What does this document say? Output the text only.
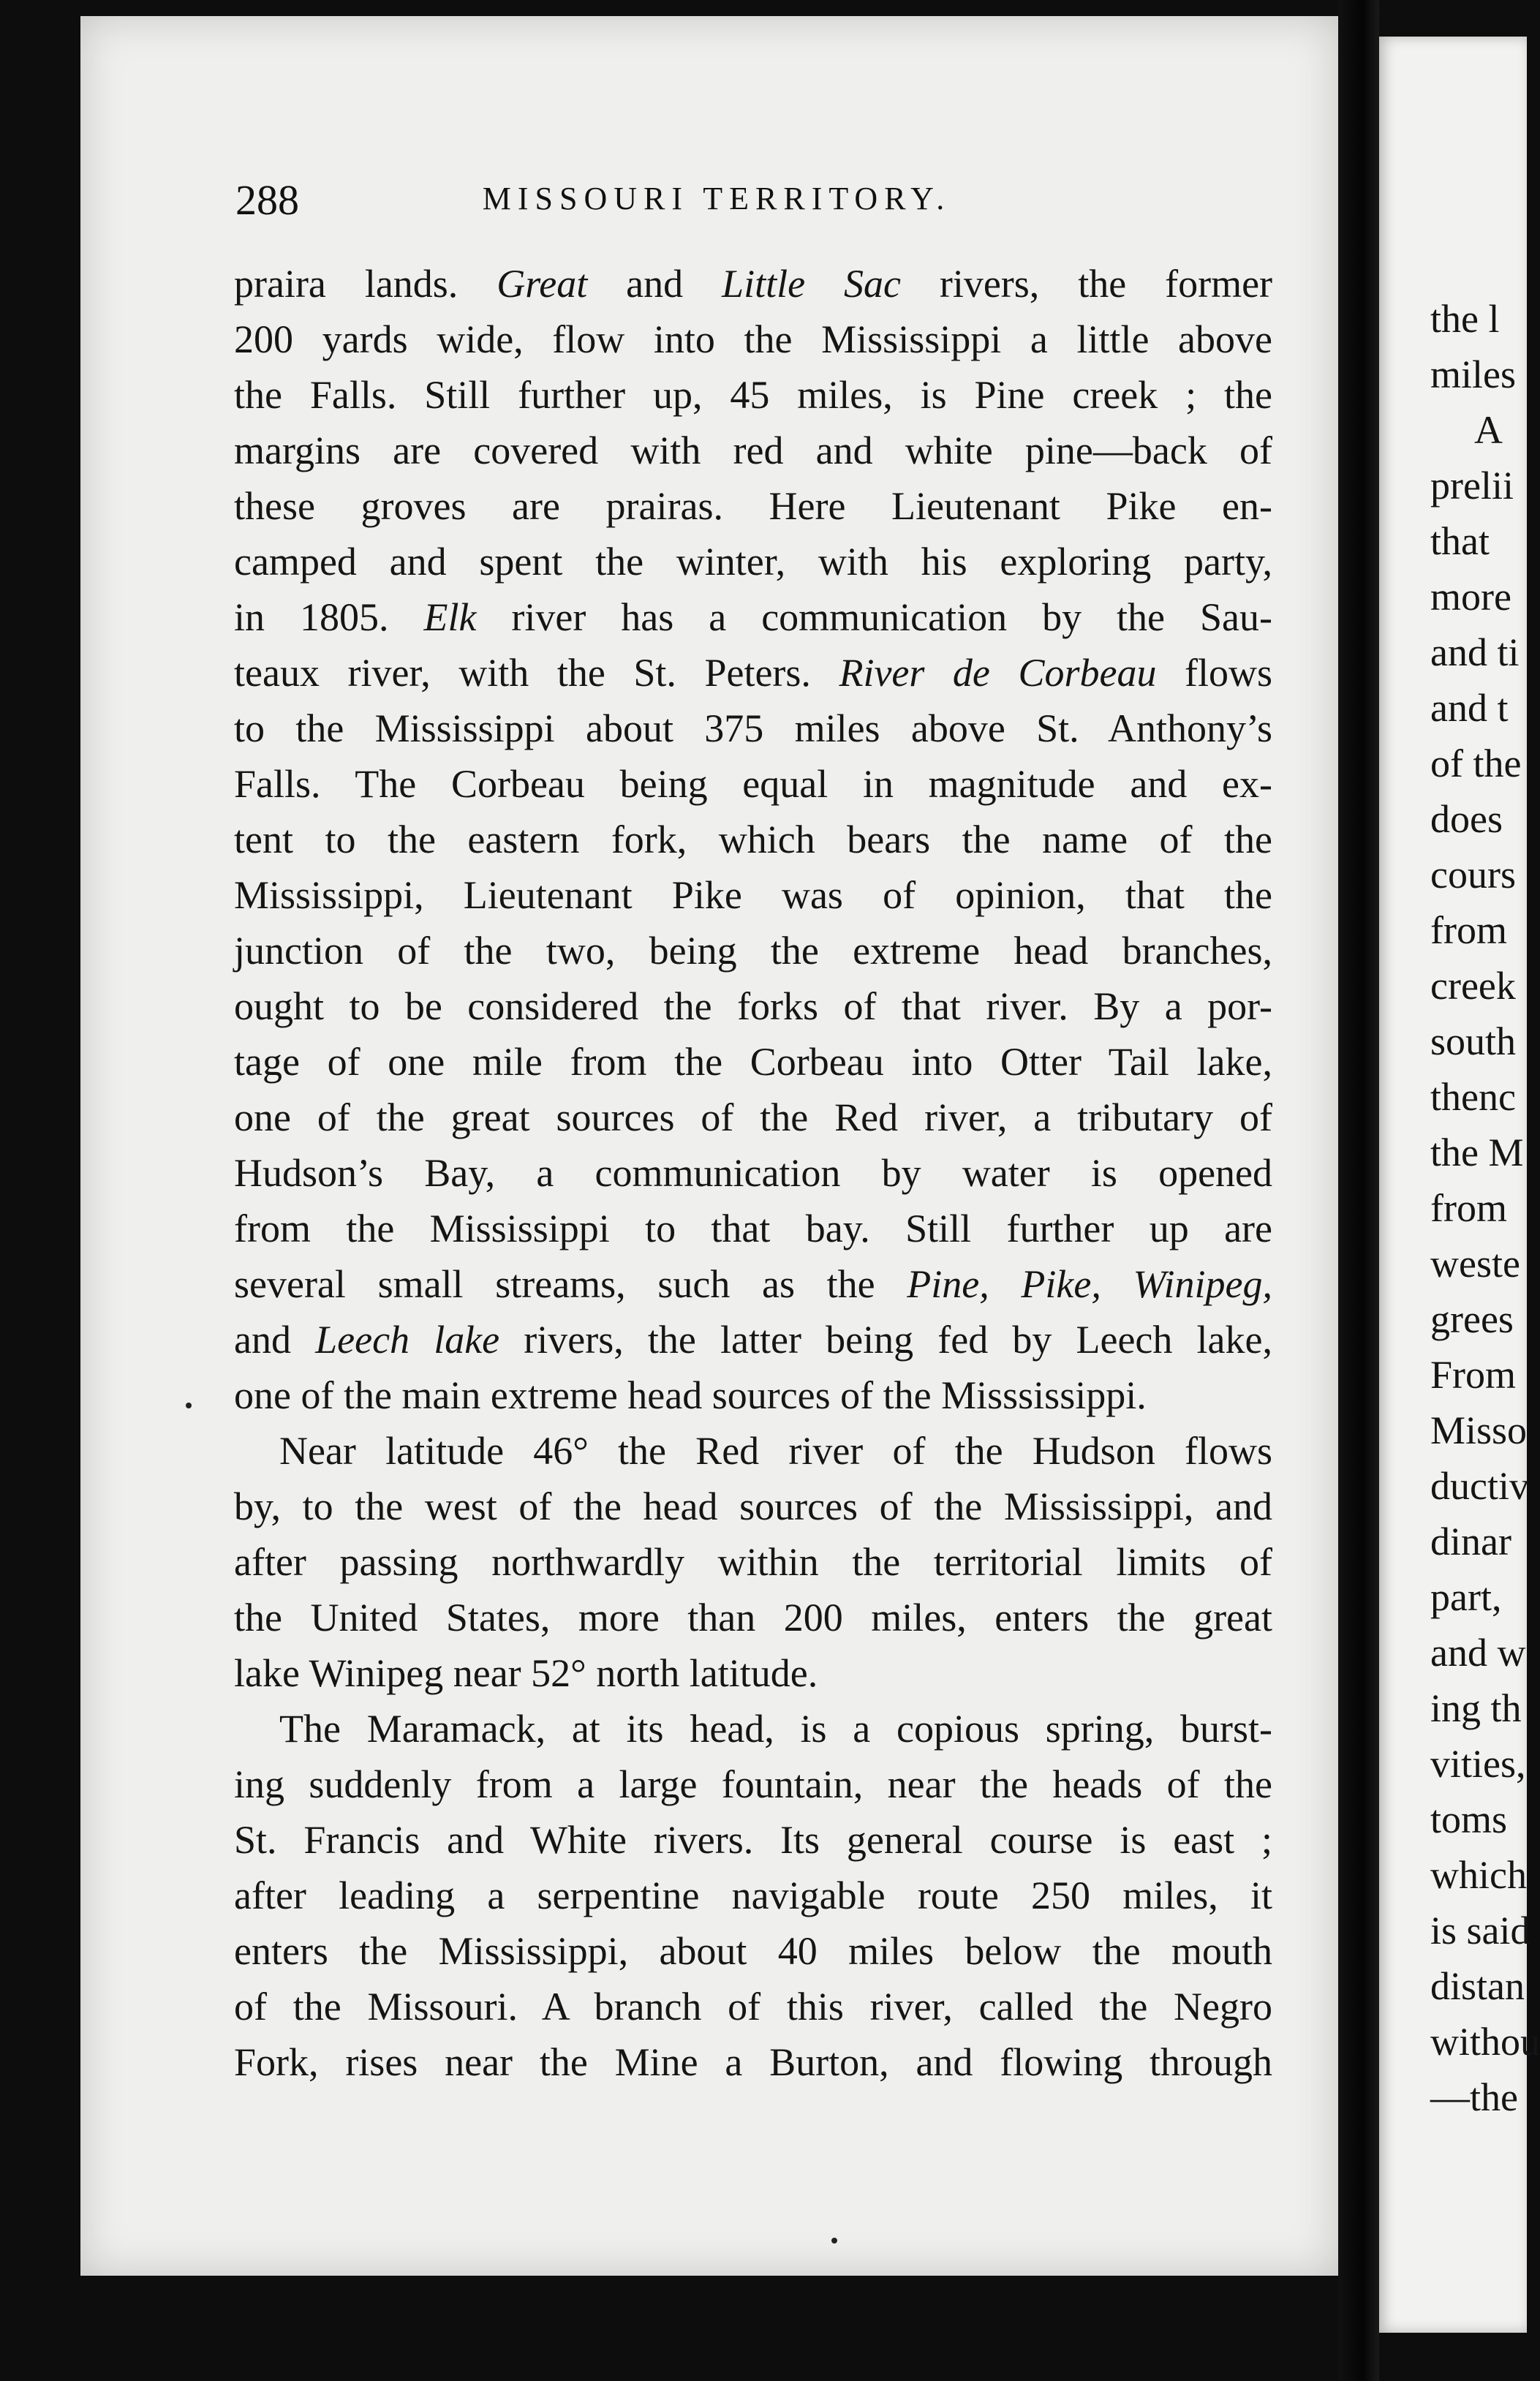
the l
miles
A
prelii
that
more
and ti
and t
of the
does
cours
from
creek
south
thenc
the M
from
weste
grees
From
Misso
ductiv
dinar
part,
and w
ing th
vities,
toms
which
is said
distan
withou
—the
288	MISSOURI TERRITORY.
praira lands. Great and Little Sac rivers, the former
200 yards wide, flow into the Mississippi a little above
the Falls. Still further up, 45 miles, is Pine creek ; the
margins are covered with red and white pine—back of
these groves are prairas. Here Lieutenant Pike en-
camped and spent the winter, with his exploring party,
in 1805. Elk river has a communication by the Sau-
teaux river, with the St. Peters. River de Corbeau flows
to the Mississippi about 375 miles above St. Anthony’s
Falls. The Corbeau being equal in magnitude and ex-
tent to the eastern fork, which bears the name of the
Mississippi, Lieutenant Pike was of opinion, that the
junction of the two, being the extreme head branches,
ought to be considered the forks of that river. By a por-
tage of one mile from the Corbeau into Otter Tail lake,
one of the great sources of the Red river, a tributary of
Hudson’s Bay, a communication by water is opened
from the Mississippi to that bay. Still further up are
several small streams, such as the Pine, Pike, Winipeg,
and Leech lake rivers, the latter being fed by Leech lake,
one of the main extreme head sources of the Misssissippi.
Near latitude 46° the Red river of the Hudson flows
by, to the west of the head sources of the Mississippi, and
after passing northwardly within the territorial limits of
the United States, more than 200 miles, enters the great
lake Winipeg near 52° north latitude.
The Maramack, at its head, is a copious spring, burst-
ing suddenly from a large fountain, near the heads of the
St. Francis and White rivers. Its general course is east ;
after leading a serpentine navigable route 250 miles, it
enters the Mississippi, about 40 miles below the mouth
of the Missouri. A branch of this river, called the Negro
Fork, rises near the Mine a Burton, and flowing through
